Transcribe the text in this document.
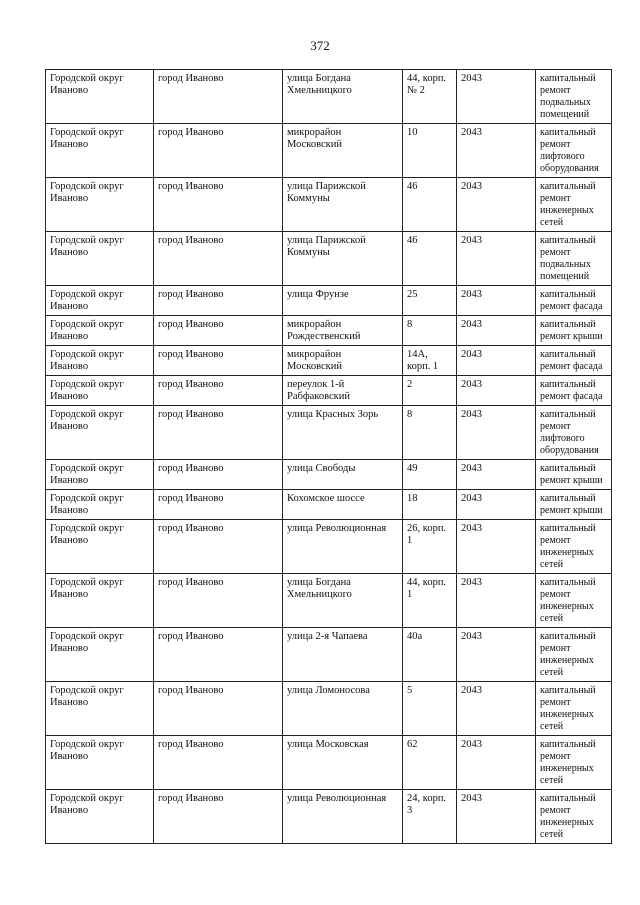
372
Городской округ Иваново	город Иваново	улица Богдана Хмельницкого	44, корп. № 2	2043	капитальный ремонт подвальных помещений
Городской округ Иваново	город Иваново	микрорайон Московский	10	2043	капитальный ремонт лифтового оборудования
Городской округ Иваново	город Иваново	улица Парижской Коммуны	46	2043	капитальный ремонт инженерных сетей
Городской округ Иваново	город Иваново	улица Парижской Коммуны	46	2043	капитальный ремонт подвальных помещений
Городской округ Иваново	город Иваново	улица Фрунзе	25	2043	капитальный ремонт фасада
Городской округ Иваново	город Иваново	микрорайон Рождественский	8	2043	капитальный ремонт крыши
Городской округ Иваново	город Иваново	микрорайон Московский	14А, корп. 1	2043	капитальный ремонт фасада
Городской округ Иваново	город Иваново	переулок 1-й Рабфаковский	2	2043	капитальный ремонт фасада
Городской округ Иваново	город Иваново	улица Красных Зорь	8	2043	капитальный ремонт лифтового оборудования
Городской округ Иваново	город Иваново	улица Свободы	49	2043	капитальный ремонт крыши
Городской округ Иваново	город Иваново	Кохомское шоссе	18	2043	капитальный ремонт крыши
Городской округ Иваново	город Иваново	улица Революционная	26, корп. 1	2043	капитальный ремонт инженерных сетей
Городской округ Иваново	город Иваново	улица Богдана Хмельницкого	44, корп. 1	2043	капитальный ремонт инженерных сетей
Городской округ Иваново	город Иваново	улица 2-я Чапаева	40а	2043	капитальный ремонт инженерных сетей
Городской округ Иваново	город Иваново	улица Ломоносова	5	2043	капитальный ремонт инженерных сетей
Городской округ Иваново	город Иваново	улица Московская	62	2043	капитальный ремонт инженерных сетей
Городской округ Иваново	город Иваново	улица Революционная	24, корп. 3	2043	капитальный ремонт инженерных сетей
